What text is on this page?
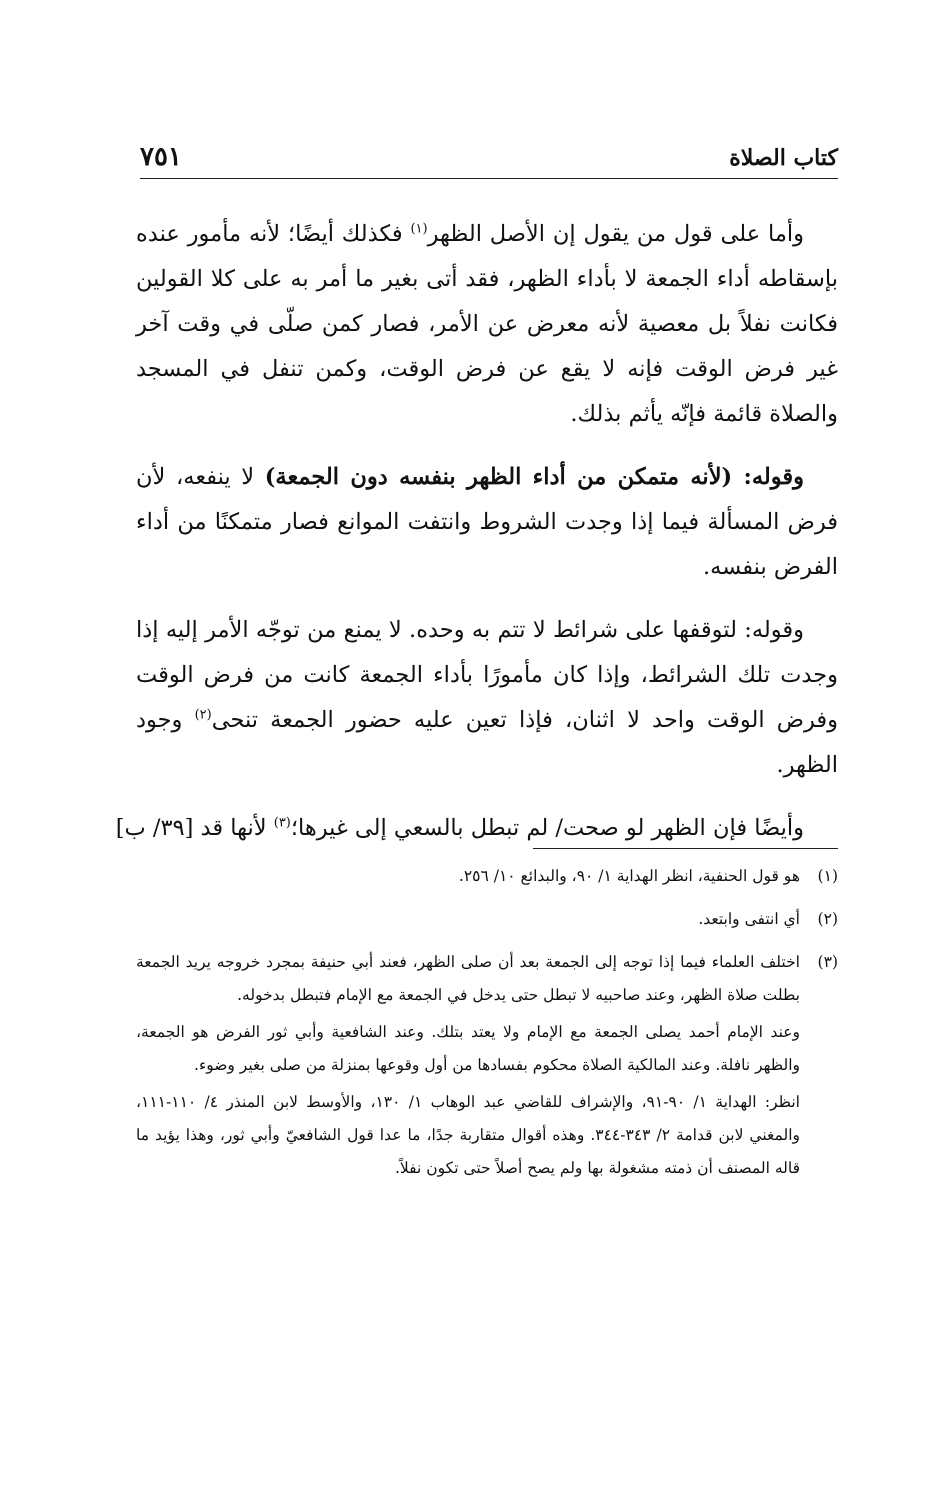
كتاب الصلاة
٧٥١

وأما على قول من يقول إن الأصل الظهر$^{(١)}$ فكذلك أيضًا؛ لأنه مأمور عنده بإسقاطه أداء الجمعة لا بأداء الظهر، فقد أتى بغير ما أمر به على كلا القولين فكانت نفلاً بل معصية لأنه معرض عن الأمر، فصار كمن صلّى في وقت آخر غير فرض الوقت فإنه لا يقع عن فرض الوقت، وكمن تنفل في المسجد والصلاة قائمة فإنّه يأثم بذلك.

وقوله: (لأنه متمكن من أداء الظهر بنفسه دون الجمعة) لا ينفعه، لأن فرض المسألة فيما إذا وجدت الشروط وانتفت الموانع فصار متمكنًا من أداء الفرض بنفسه.

وقوله: لتوقفها على شرائط لا تتم به وحده. لا يمنع من توجّه الأمر إليه إذا وجدت تلك الشرائط، وإذا كان مأمورًا بأداء الجمعة كانت من فرض الوقت وفرض الوقت واحد لا اثنان، فإذا تعين عليه حضور الجمعة تنحى$^{(٢)}$ وجود الظهر.

وأيضًا فإن الظهر لو صحت/ لم تبطل بالسعي إلى غيرها؛$^{(٣)}$ لأنها قد [٣٩/ ب]

(١)

هو قول الحنفية، انظر الهداية ١/ ٩٠، والبدائع ١٠/ ٢٥٦.

(٢)

أي انتفى وابتعد.

(٣)

اختلف العلماء فيما إذا توجه إلى الجمعة بعد أن صلى الظهر، فعند أبي حنيفة بمجرد خروجه يريد الجمعة بطلت صلاة الظهر، وعند صاحبيه لا تبطل حتى يدخل في الجمعة مع الإمام فتبطل بدخوله.

وعند الإمام أحمد يصلى الجمعة مع الإمام ولا يعتد بتلك. وعند الشافعية وأبي ثور الفرض هو الجمعة، والظهر نافلة. وعند المالكية الصلاة محكوم بفسادها من أول وقوعها بمنزلة من صلى بغير وضوء.

انظر: الهداية ١/ ٩٠-٩١، والإشراف للقاضي عبد الوهاب ١/ ١٣٠، والأوسط لابن المنذر ٤/ ١١٠-١١١، والمغني لابن قدامة ٢/ ٣٤٣-٣٤٤. وهذه أقوال متقاربة جدًا، ما عدا قول الشافعيّ وأبي ثور، وهذا يؤيد ما قاله المصنف أن ذمته مشغولة بها ولم يصح أصلاً حتى تكون نفلاً.
